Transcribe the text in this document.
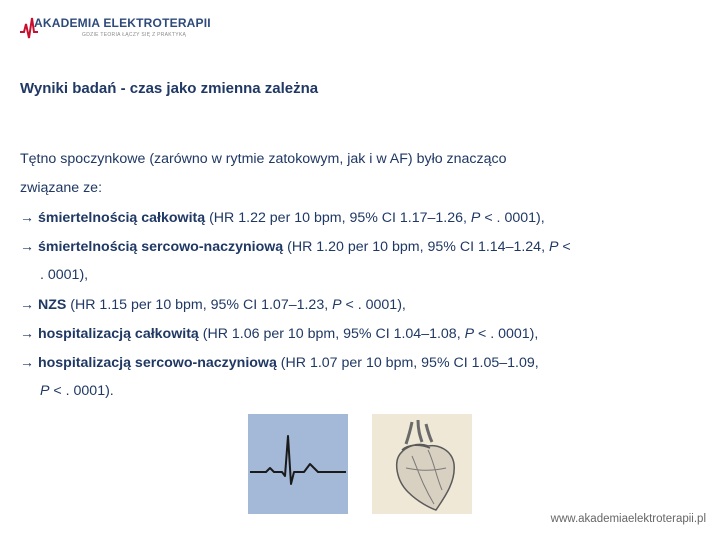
AKADEMIA ELEKTROTERAPII
GDZIE TEORIA ŁĄCZY SIĘ Z PRAKTYKĄ
Wyniki badań - czas jako zmienna zależna
Tętno spoczynkowe (zarówno w rytmie zatokowym, jak i w AF) było znacząco
związane ze:
→ śmiertelnością całkowitą (HR 1.22 per 10 bpm, 95% CI 1.17–1.26, P < . 0001),
→ śmiertelnością sercowo-naczyniową (HR 1.20 per 10 bpm, 95% CI 1.14–1.24, P <
. 0001),
→ NZS (HR 1.15 per 10 bpm, 95% CI 1.07–1.23, P < . 0001),
→ hospitalizacją całkowitą (HR 1.06 per 10 bpm, 95% CI 1.04–1.08, P < . 0001),
→ hospitalizacją sercowo-naczyniową (HR 1.07 per 10 bpm, 95% CI 1.05–1.09,
P < . 0001).
www.akademiaelektroterapii.pl
